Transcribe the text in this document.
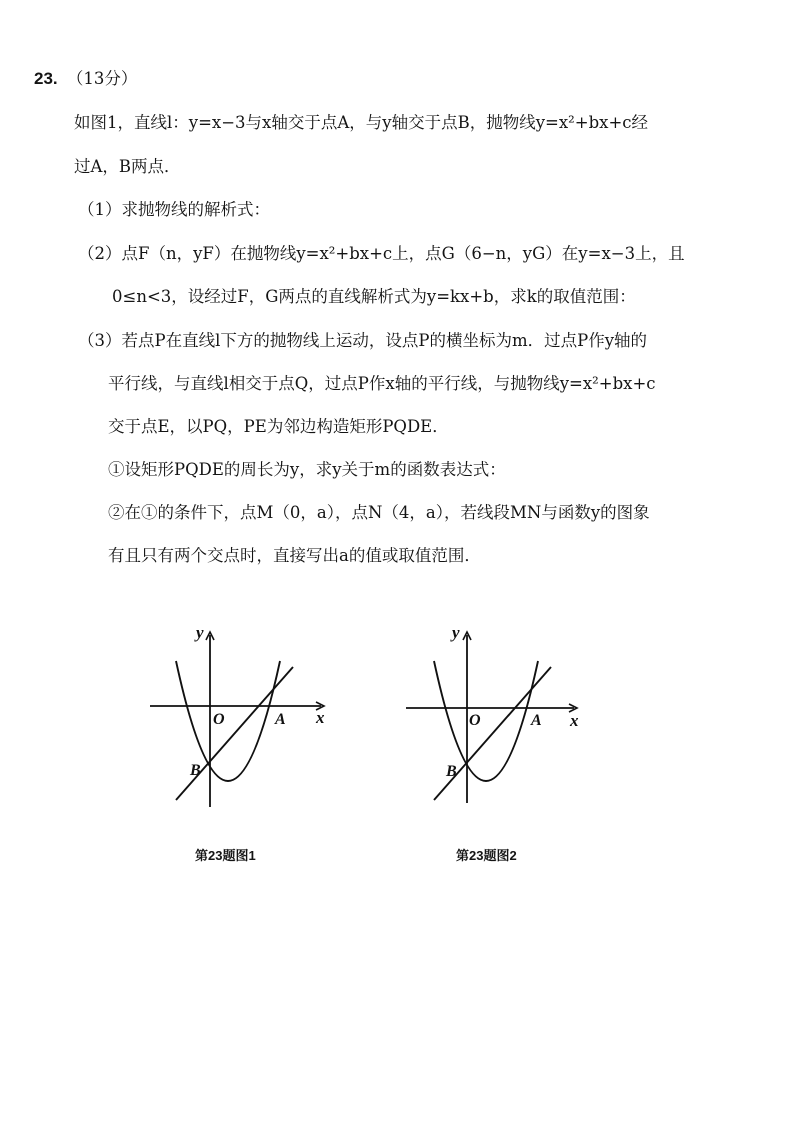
23. （13分）
如图1，直线l：y=x−3与x轴交于点A，与y轴交于点B，抛物线y=x²+bx+c经
过A，B两点．
（1）求抛物线的解析式：
（2）点F（n，yF）在抛物线y=x²+bx+c上，点G（6−n，yG）在y=x−3上，且
0≤n<3，设经过F，G两点的直线解析式为y=kx+b，求k的取值范围：
（3）若点P在直线l下方的抛物线上运动，设点P的横坐标为m．过点P作y轴的
平行线，与直线l相交于点Q，过点P作x轴的平行线，与抛物线y=x²+bx+c
交于点E，以PQ，PE为邻边构造矩形PQDE．
①设矩形PQDE的周长为y，求y关于m的函数表达式：
②在①的条件下，点M（0，a），点N（4，a），若线段MN与函数y的图象
有且只有两个交点时，直接写出a的值或取值范围．
y
x
O	A
B
第23题图1
y
x
O	A
B
第23题图2
